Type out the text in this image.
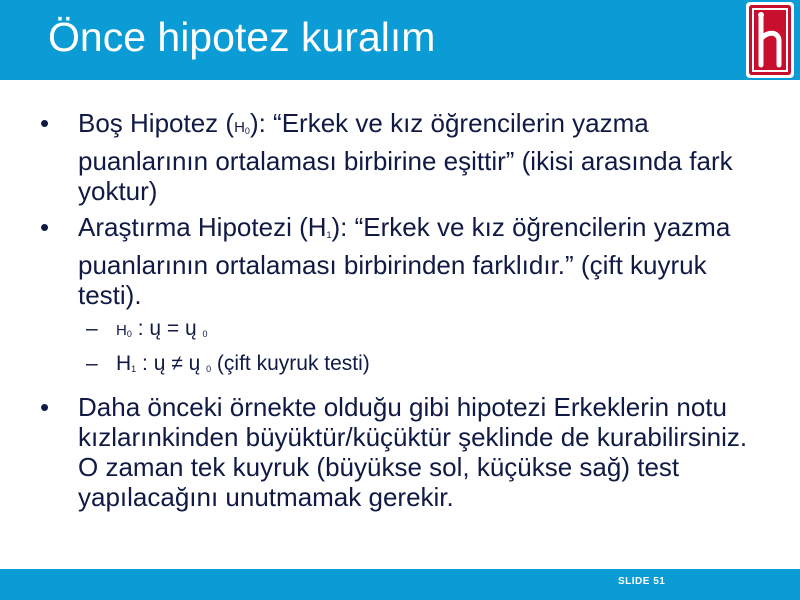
Önce hipotez kuralım
• Boş Hipotez (H0): “Erkek ve kız öğrencilerin yazma puanlarının ortalaması birbirine eşittir” (ikisi arasında fark yoktur)
• Araştırma Hipotezi (H1): “Erkek ve kız öğrencilerin yazma puanlarının ortalaması birbirinden farklıdır.” (çift kuyruk testi).
– H0 : ų = ų 0
– H1 : ų ≠ ų 0 (çift kuyruk testi)
• Daha önceki örnekte olduğu gibi hipotezi Erkeklerin notu kızlarınkinden büyüktür/küçüktür şeklinde de kurabilirsiniz. O zaman tek kuyruk (büyükse sol, küçükse sağ) test yapılacağını unutmamak gerekir.
SLIDE 51
